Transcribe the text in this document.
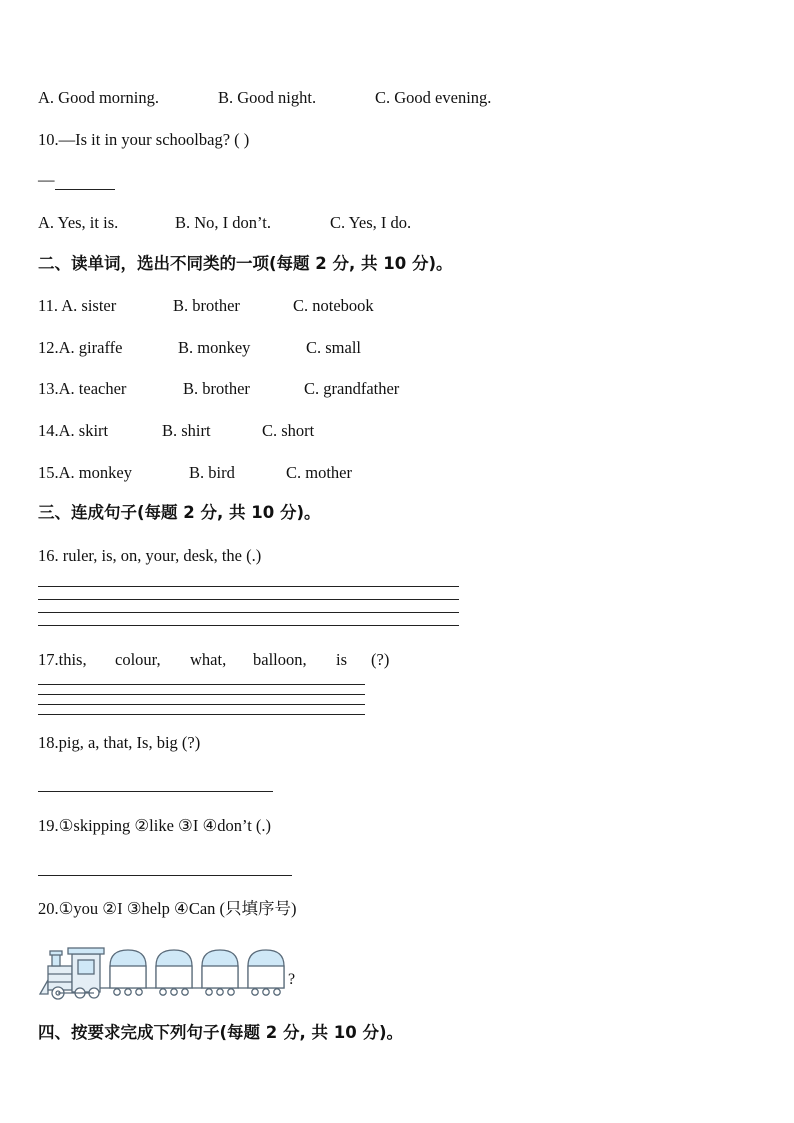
A. Good morning.	B. Good night.	C. Good evening.
10.—Is it in your schoolbag? ( )
—
A. Yes, it is.	B. No, I don’t.	C. Yes, I do.
二、读单词，选出不同类的一项(每题 2 分, 共 10 分)。
11. A. sister	B. brother	C. notebook
12.A. giraffe	B. monkey	C. small
13.A. teacher	B. brother	C. grandfather
14.A. skirt	B. shirt	C. short
15.A. monkey	B. bird	C. mother
三、连成句子(每题 2 分, 共 10 分)。
16. ruler, is, on, your, desk, the (.)
17.this, colour, what, balloon, is (?)
18.pig, a, that, Is, big (?)
19.①skipping ②like ③I ④don’t (.)
20.①you ②I ③help ④Can (只填序号)
?
四、按要求完成下列句子(每题 2 分, 共 10 分)。
